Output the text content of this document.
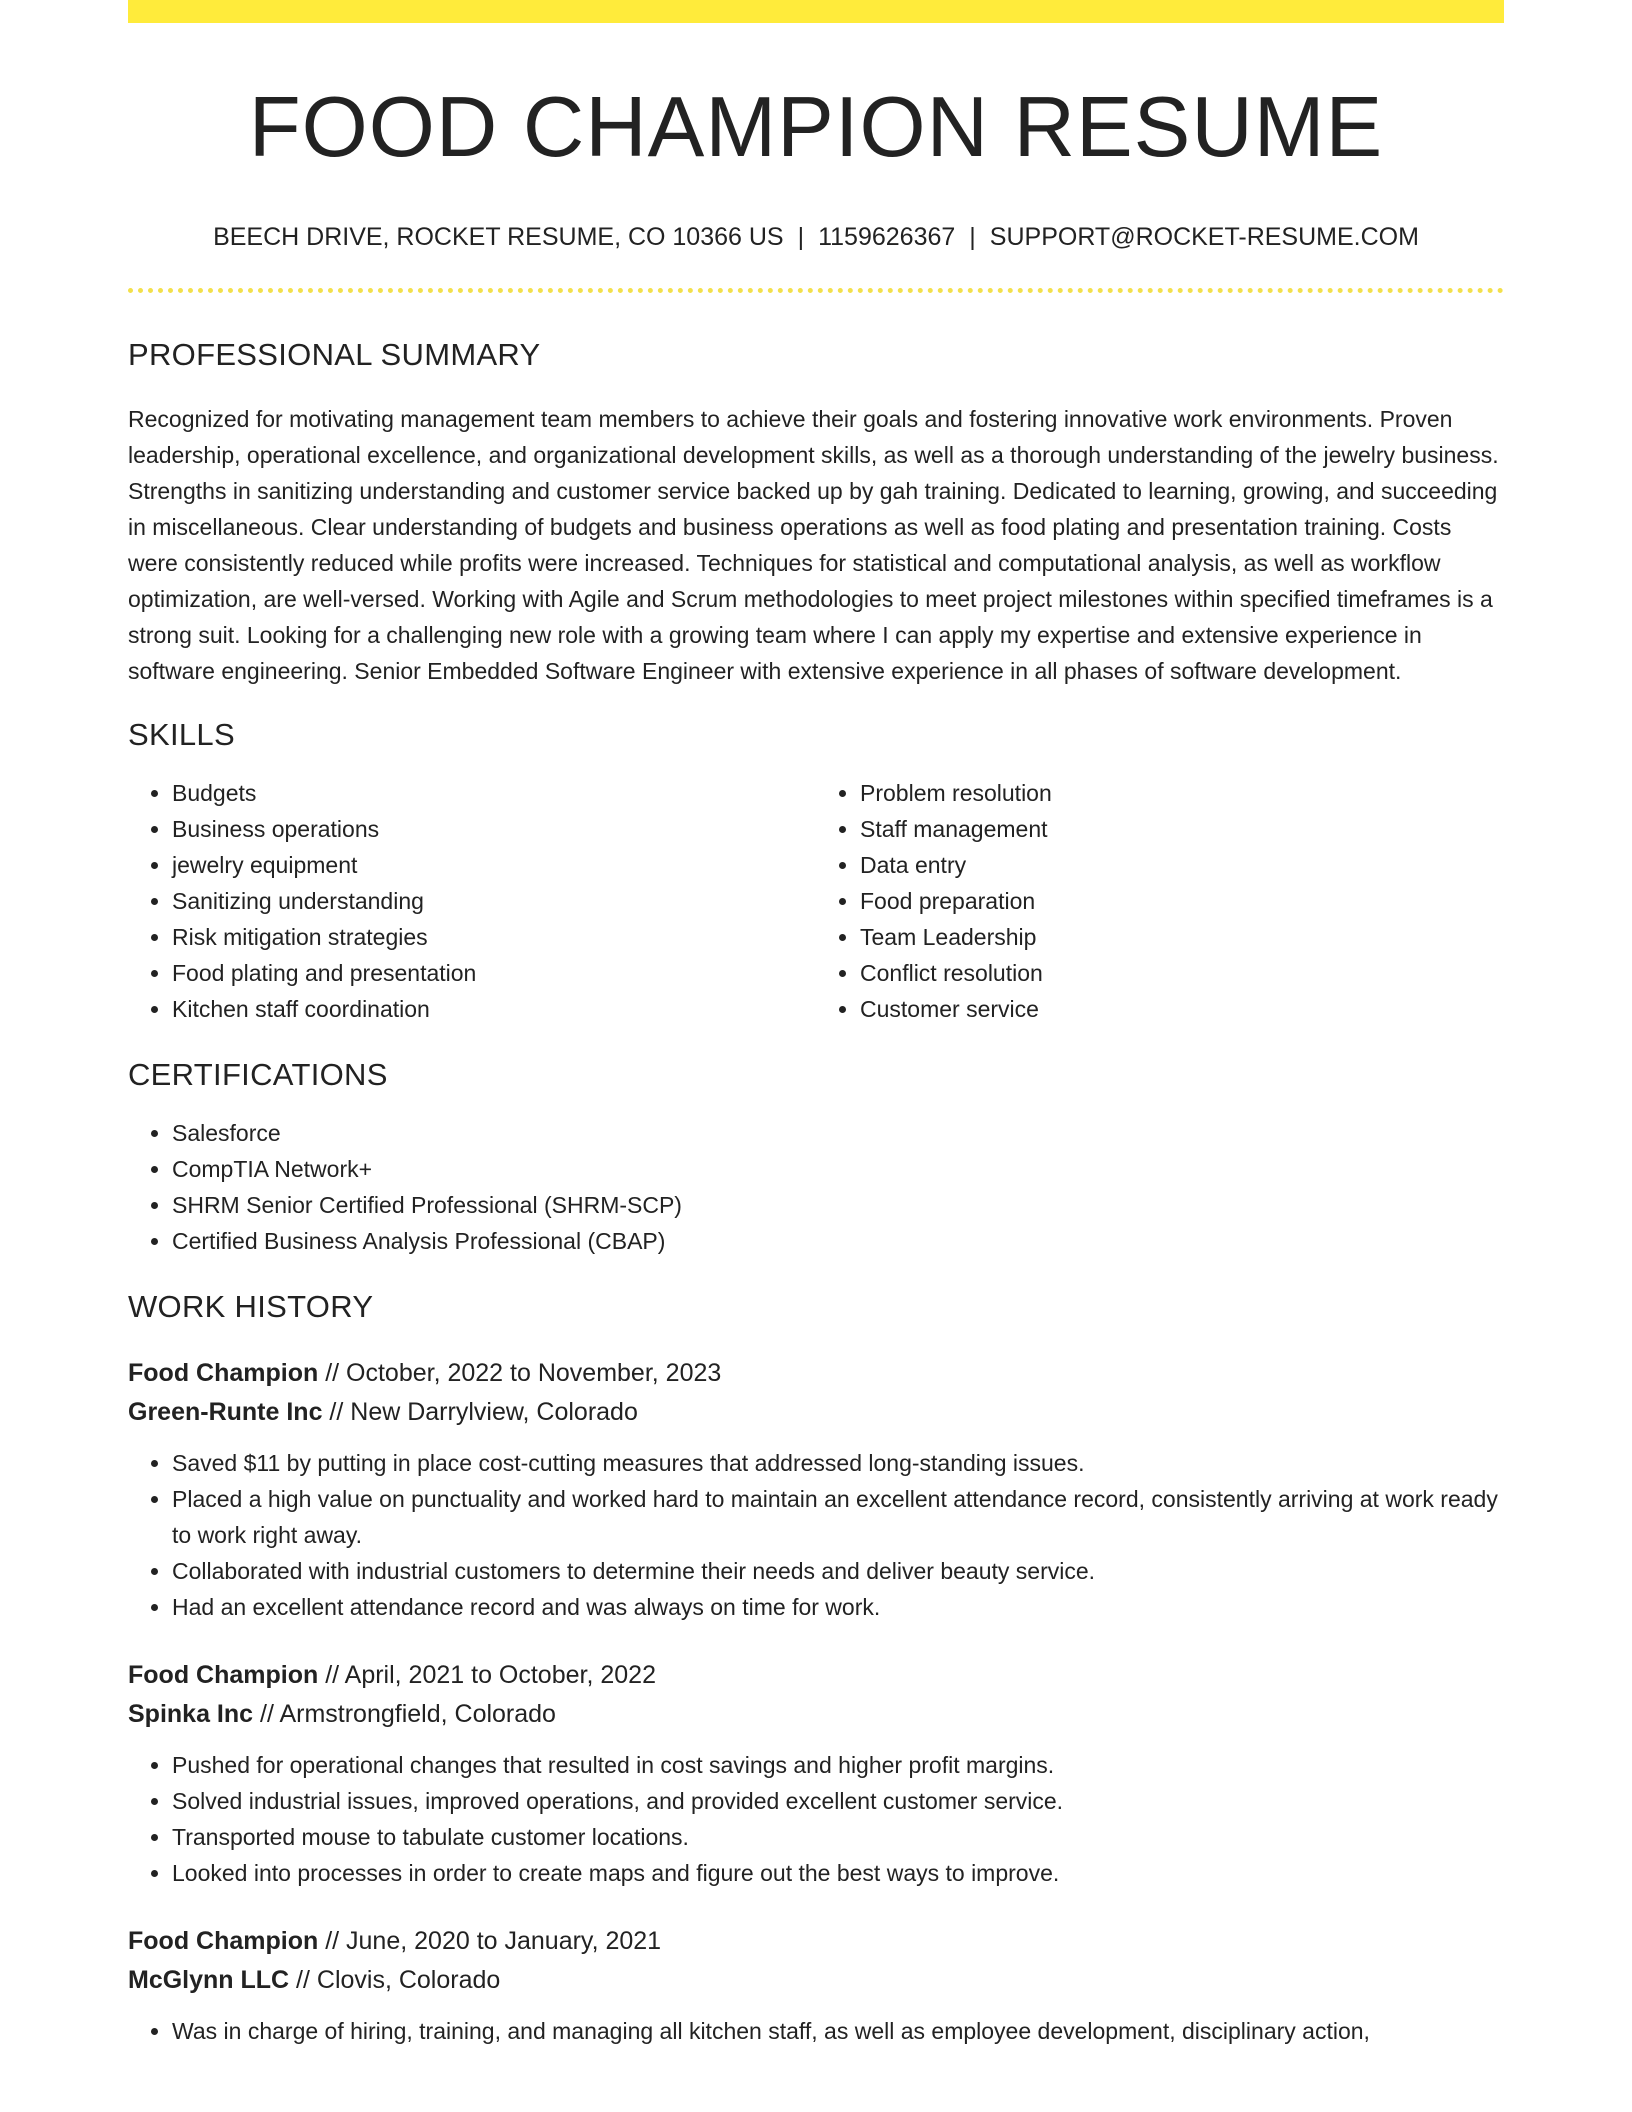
FOOD CHAMPION RESUME
BEECH DRIVE, ROCKET RESUME, CO 10366 US | 1159626367 | SUPPORT@ROCKET-RESUME.COM
PROFESSIONAL SUMMARY
Recognized for motivating management team members to achieve their goals and fostering innovative work environments. Proven leadership, operational excellence, and organizational development skills, as well as a thorough understanding of the jewelry business. Strengths in sanitizing understanding and customer service backed up by gah training. Dedicated to learning, growing, and succeeding in miscellaneous. Clear understanding of budgets and business operations as well as food plating and presentation training. Costs were consistently reduced while profits were increased. Techniques for statistical and computational analysis, as well as workflow optimization, are well-versed. Working with Agile and Scrum methodologies to meet project milestones within specified timeframes is a strong suit. Looking for a challenging new role with a growing team where I can apply my expertise and extensive experience in software engineering. Senior Embedded Software Engineer with extensive experience in all phases of software development.
SKILLS
• Budgets
• Business operations
• jewelry equipment
• Sanitizing understanding
• Risk mitigation strategies
• Food plating and presentation
• Kitchen staff coordination
• Problem resolution
• Staff management
• Data entry
• Food preparation
• Team Leadership
• Conflict resolution
• Customer service
CERTIFICATIONS
• Salesforce
• CompTIA Network+
• SHRM Senior Certified Professional (SHRM-SCP)
• Certified Business Analysis Professional (CBAP)
WORK HISTORY
Food Champion // October, 2022 to November, 2023
Green-Runte Inc // New Darrylview, Colorado
• Saved $11 by putting in place cost-cutting measures that addressed long-standing issues.
• Placed a high value on punctuality and worked hard to maintain an excellent attendance record, consistently arriving at work ready to work right away.
• Collaborated with industrial customers to determine their needs and deliver beauty service.
• Had an excellent attendance record and was always on time for work.
Food Champion // April, 2021 to October, 2022
Spinka Inc // Armstrongfield, Colorado
• Pushed for operational changes that resulted in cost savings and higher profit margins.
• Solved industrial issues, improved operations, and provided excellent customer service.
• Transported mouse to tabulate customer locations.
• Looked into processes in order to create maps and figure out the best ways to improve.
Food Champion // June, 2020 to January, 2021
McGlynn LLC // Clovis, Colorado
• Was in charge of hiring, training, and managing all kitchen staff, as well as employee development, disciplinary action,
